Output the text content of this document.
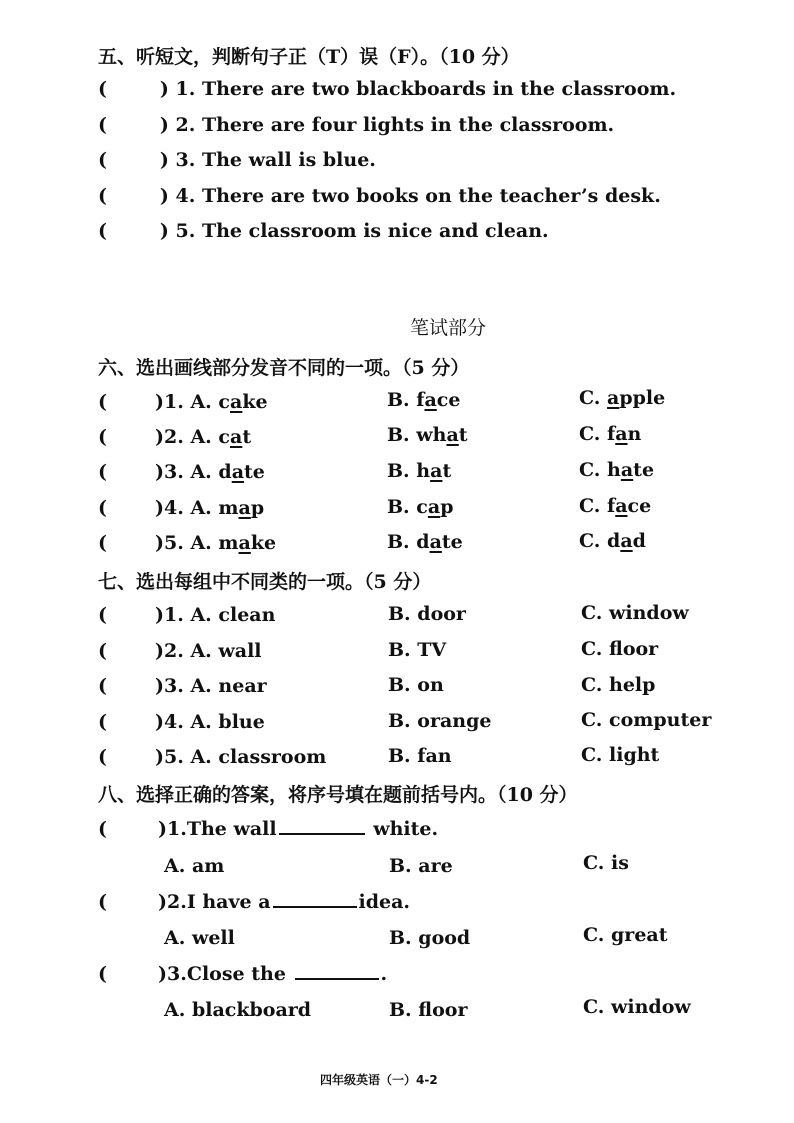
五、听短文，判断句子正（T）误（F）。（10 分）
(        ) 1. There are two blackboards in the classroom.
(        ) 2. There are four lights in the classroom.
(        ) 3. The wall is blue.
(        ) 4. There are two books on the teacher’s desk.
(        ) 5. The classroom is nice and clean.
笔试部分
六、选出画线部分发音不同的一项。（5 分）
(	)1. A. cake	B. face	C. apple
(	)2. A. cat	B. what	C. fan
(	)3. A. date	B. hat	C. hate
(	)4. A. map	B. cap	C. face
(	)5. A. make	B. date	C. dad
七、选出每组中不同类的一项。（5 分）
(	)1. A. clean	B. door	C. window
(	)2. A. wall	B. TV	C. floor
(	)3. A. near	B. on	C. help
(	)4. A. blue	B. orange	C. computer
(	)5. A. classroom	B. fan	C. light
八、选择正确的答案，将序号填在题前括号内。（10 分）
(	)1.The wall	white.
A. am	B. are	C. is
(	)2.I have a	idea.
A. well	B. good	C. great
(	)3.Close the	.
A. blackboard	B. floor	C. window
四年级英语（一）4-2
